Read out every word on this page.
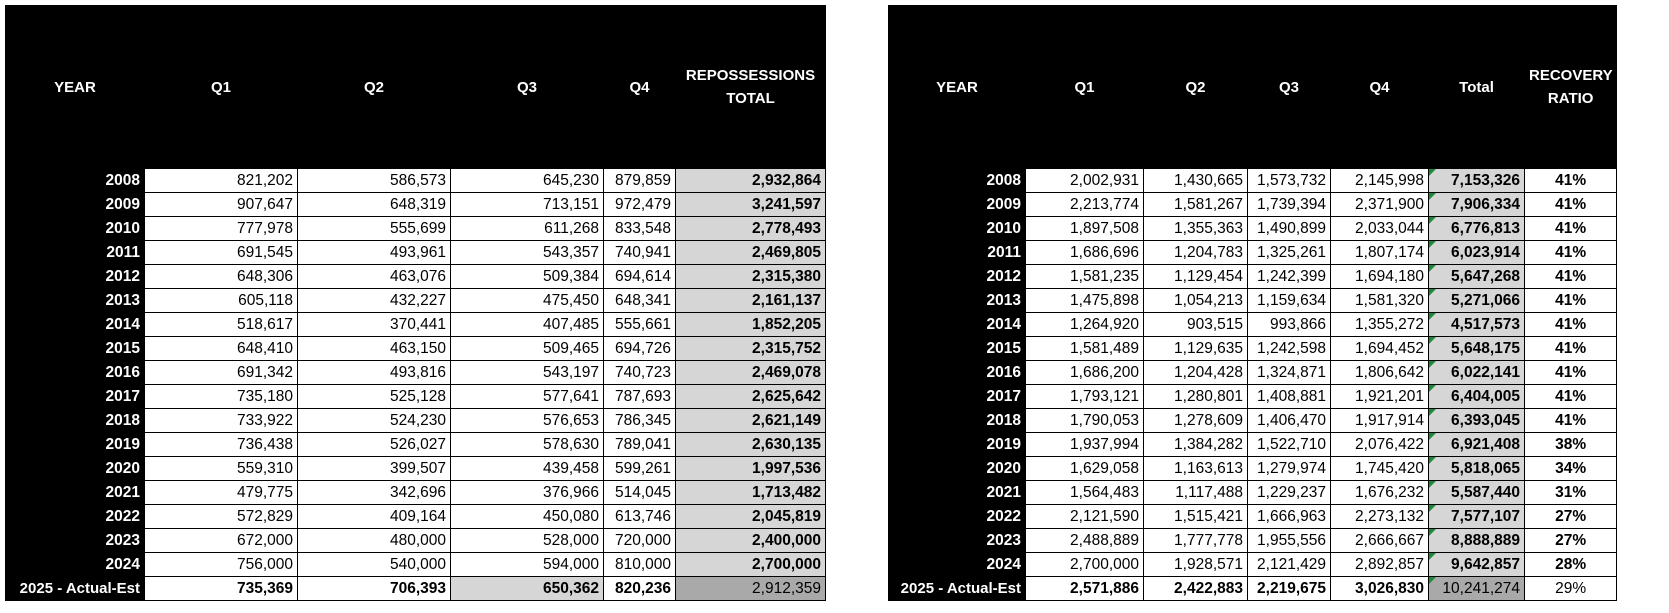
YEAR	Q1	Q2	Q3	Q4	REPOSSESSIONS TOTAL
2008	821,202	586,573	645,230	879,859	2,932,864
2009	907,647	648,319	713,151	972,479	3,241,597
2010	777,978	555,699	611,268	833,548	2,778,493
2011	691,545	493,961	543,357	740,941	2,469,805
2012	648,306	463,076	509,384	694,614	2,315,380
2013	605,118	432,227	475,450	648,341	2,161,137
2014	518,617	370,441	407,485	555,661	1,852,205
2015	648,410	463,150	509,465	694,726	2,315,752
2016	691,342	493,816	543,197	740,723	2,469,078
2017	735,180	525,128	577,641	787,693	2,625,642
2018	733,922	524,230	576,653	786,345	2,621,149
2019	736,438	526,027	578,630	789,041	2,630,135
2020	559,310	399,507	439,458	599,261	1,997,536
2021	479,775	342,696	376,966	514,045	1,713,482
2022	572,829	409,164	450,080	613,746	2,045,819
2023	672,000	480,000	528,000	720,000	2,400,000
2024	756,000	540,000	594,000	810,000	2,700,000
2025 - Actual-Est	735,369	706,393	650,362	820,236	2,912,359
YEAR	Q1	Q2	Q3	Q4	Total	RECOVERY RATIO
2008	2,002,931	1,430,665	1,573,732	2,145,998	7,153,326	41%
2009	2,213,774	1,581,267	1,739,394	2,371,900	7,906,334	41%
2010	1,897,508	1,355,363	1,490,899	2,033,044	6,776,813	41%
2011	1,686,696	1,204,783	1,325,261	1,807,174	6,023,914	41%
2012	1,581,235	1,129,454	1,242,399	1,694,180	5,647,268	41%
2013	1,475,898	1,054,213	1,159,634	1,581,320	5,271,066	41%
2014	1,264,920	903,515	993,866	1,355,272	4,517,573	41%
2015	1,581,489	1,129,635	1,242,598	1,694,452	5,648,175	41%
2016	1,686,200	1,204,428	1,324,871	1,806,642	6,022,141	41%
2017	1,793,121	1,280,801	1,408,881	1,921,201	6,404,005	41%
2018	1,790,053	1,278,609	1,406,470	1,917,914	6,393,045	41%
2019	1,937,994	1,384,282	1,522,710	2,076,422	6,921,408	38%
2020	1,629,058	1,163,613	1,279,974	1,745,420	5,818,065	34%
2021	1,564,483	1,117,488	1,229,237	1,676,232	5,587,440	31%
2022	2,121,590	1,515,421	1,666,963	2,273,132	7,577,107	27%
2023	2,488,889	1,777,778	1,955,556	2,666,667	8,888,889	27%
2024	2,700,000	1,928,571	2,121,429	2,892,857	9,642,857	28%
2025 - Actual-Est	2,571,886	2,422,883	2,219,675	3,026,830	10,241,274	29%
